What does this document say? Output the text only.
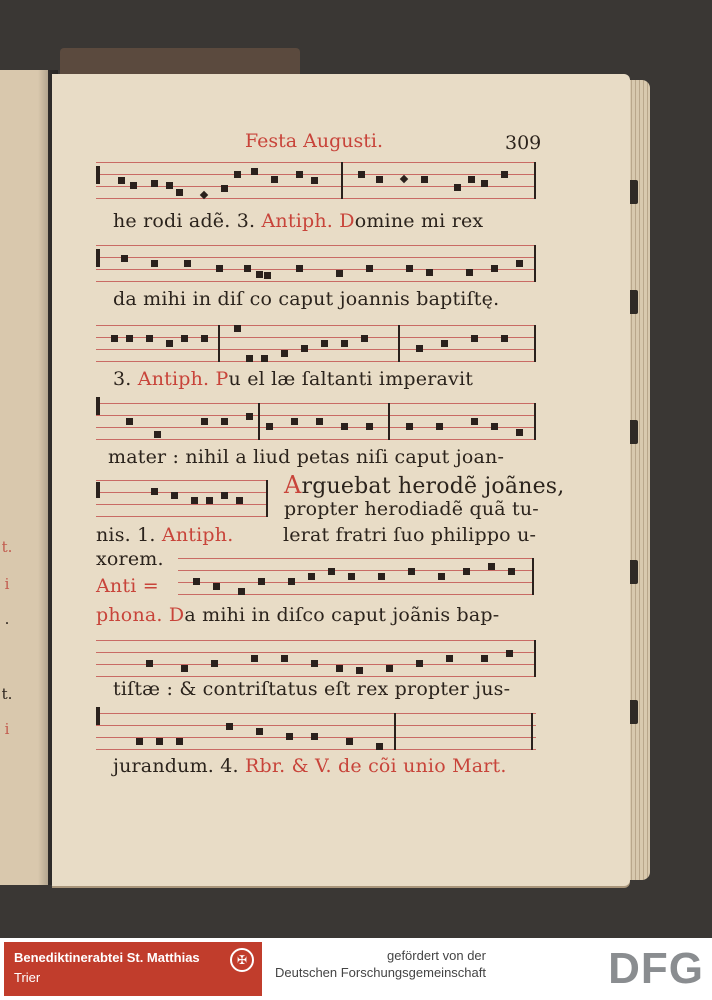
t.
i
.
t.
i
Festa Augusti.	309
he rodi adẽ. 3. Antiph. Domine mi rex
da mihi in diſ co caput joannis baptiſtę.
3. Antiph. Pu el læ ſaltanti imperavit
mater : nihil a liud petas niſi caput joan-
Arguebat herodẽ joãnes,
propter herodiadẽ quã tu-
nis. 1. Antiph.	lerat fratri ſuo philippo u-
xorem.
Anti =
phona. Da mihi in diſco caput joãnis bap-
tiſtæ : & contriſtatus eſt rex propter jus-
jurandum. 4. Rbr. & V. de cõi unio Mart.
Benediktinerabtei St. Matthias
Trier
✠	gefördert von der
Deutschen Forschungsgemeinschaft	DFG
